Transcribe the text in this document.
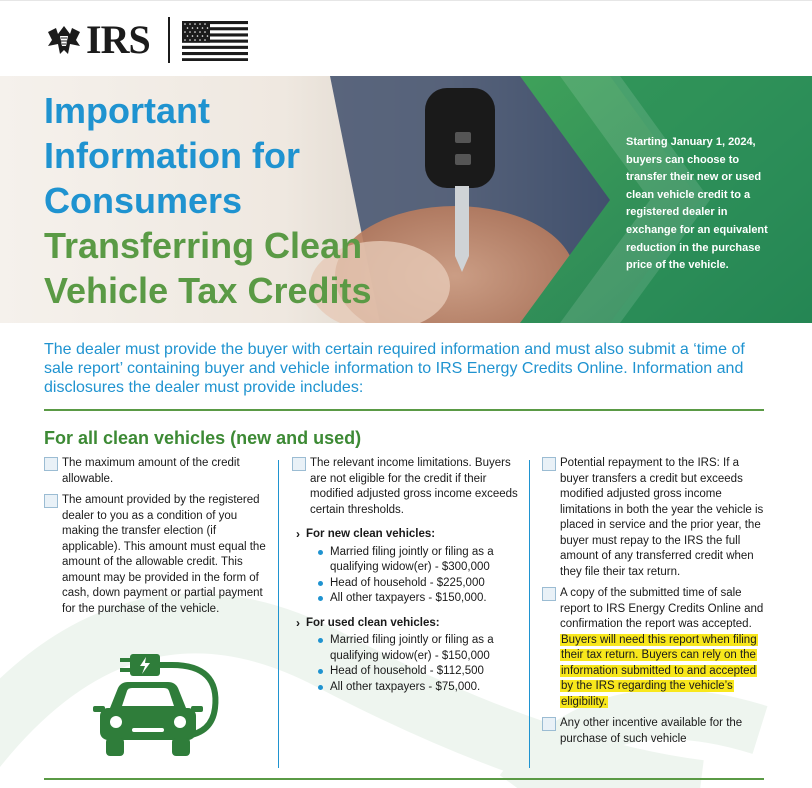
IRS
Important
Information for
Consumers
Transferring Clean
Vehicle Tax Credits
Starting January 1, 2024, buyers can choose to transfer their new or used clean vehicle credit to a registered dealer in exchange for an equivalent reduction in the purchase price of the vehicle.

The dealer must provide the buyer with certain required information and must also submit a ‘time of sale report’ containing buyer and vehicle information to IRS Energy Credits Online. Information and disclosures the dealer must provide includes:

For all clean vehicles (new and used)
The maximum amount of the credit allowable.
The amount provided by the registered dealer to you as a condition of you making the transfer election (if applicable). This amount must equal the amount of the allowable credit. This amount may be provided in the form of cash, down payment or partial payment for the purchase of the vehicle.
The relevant income limitations. Buyers are not eligible for the credit if their modified adjusted gross income exceeds certain thresholds.
› For new clean vehicles:
Married filing jointly or filing as a qualifying widow(er) - $300,000
Head of household - $225,000
All other taxpayers - $150,000.
› For used clean vehicles:
Married filing jointly or filing as a qualifying widow(er) - $150,000
Head of household - $112,500
All other taxpayers - $75,000.
Potential repayment to the IRS: If a buyer transfers a credit but exceeds modified adjusted gross income limitations in both the year the vehicle is placed in service and the prior year, the buyer must repay to the IRS the full amount of any transferred credit when they file their tax return.
A copy of the submitted time of sale report to IRS Energy Credits Online and confirmation the report was accepted. Buyers will need this report when filing their tax return. Buyers can rely on the information submitted to and accepted by the IRS regarding the vehicle’s eligibility.
Any other incentive available for the purchase of such vehicle
